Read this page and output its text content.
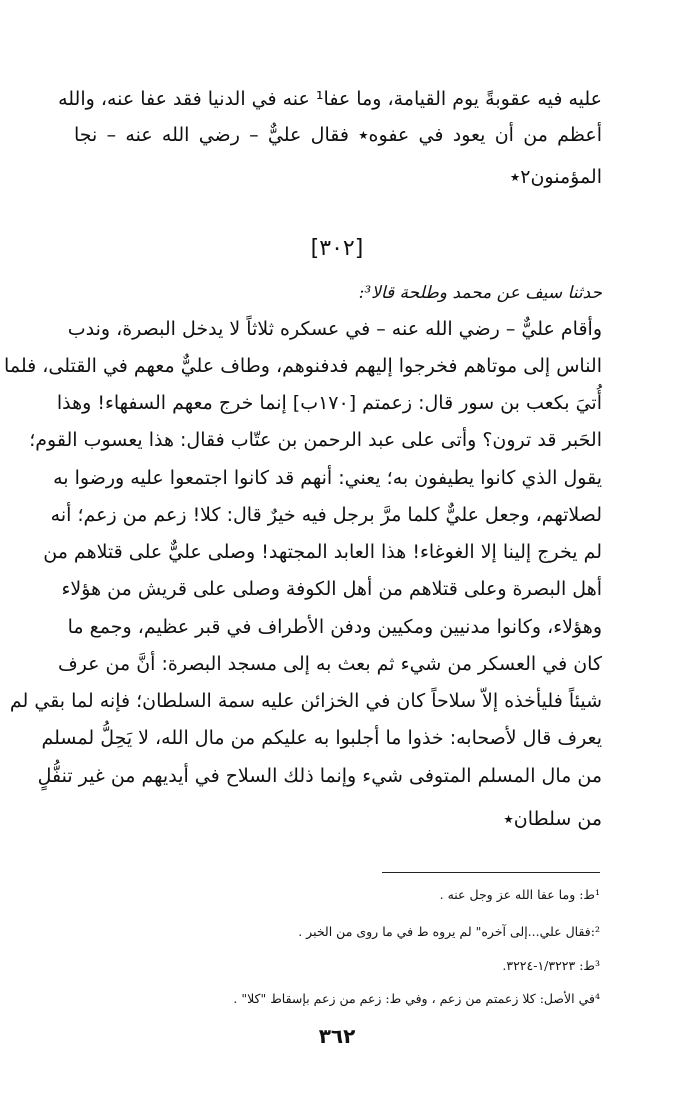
عليه فيه عقوبةً يوم القيامة، وما عفا¹ عنه في الدنيا فقد عفا عنه، والله
أعظم من أن يعود في عفوه٭ فقال عليٌّ – رضي الله عنه – نجا
المؤمنون٢٭
[٣٠٢]
حدثنا سيف عن محمد وطلحة قالا³:
وأقام عليٌّ – رضي الله عنه – في عسكره ثلاثاً لا يدخل البصرة، وندب
الناس إلى موتاهم فخرجوا إليهم فدفنوهم، وطاف عليٌّ معهم في القتلى، فلما
أُتيَ بكعب بن سور قال: زعمتم [١٧٠ب] إنما خرج معهم السفهاء! وهذا
الحَبر قد ترون؟ وأتى على عبد الرحمن بن عتّاب فقال: هذا يعسوب القوم؛
يقول الذي كانوا يطيفون به؛ يعني: أنهم قد كانوا اجتمعوا عليه ورضوا به
لصلاتهم، وجعل عليٌّ كلما مرَّ برجل فيه خيرٌ قال: كلا! زعم من زعم؛ أنه
لم يخرج إلينا إلا الغوغاء! هذا العابد المجتهد! وصلى عليٌّ على قتلاهم من
أهل البصرة وعلى قتلاهم من أهل الكوفة وصلى على قريش من هؤلاء
وهؤلاء، وكانوا مدنيين ومكيين ودفن الأطراف في قبر عظيم، وجمع ما
كان في العسكر من شيء ثم بعث به إلى مسجد البصرة: أنَّ من عرف
شيئاً فليأخذه إلاّ سلاحاً كان في الخزائن عليه سمة السلطان؛ فإنه لما بقي لم
يعرف قال لأصحابه: خذوا ما أجلبوا به عليكم من مال الله، لا يَحِلُّ لمسلم
من مال المسلم المتوفى شيء وإنما ذلك السلاح في أيديهم من غير تنفُّلٍ
من سلطان٭
¹ط: وما عفا الله عز وجل عنه .
²:فقال علي...إلى آخره" لم يروه ط في ما روى من الخبر .
³ط: ١/٣٢٢٣-٣٢٢٤.
⁴في الأصل: كلا زعمتم من زعم ، وفي ط: زعم من زعم بإسقاط "كلا" .
٣٦٢
